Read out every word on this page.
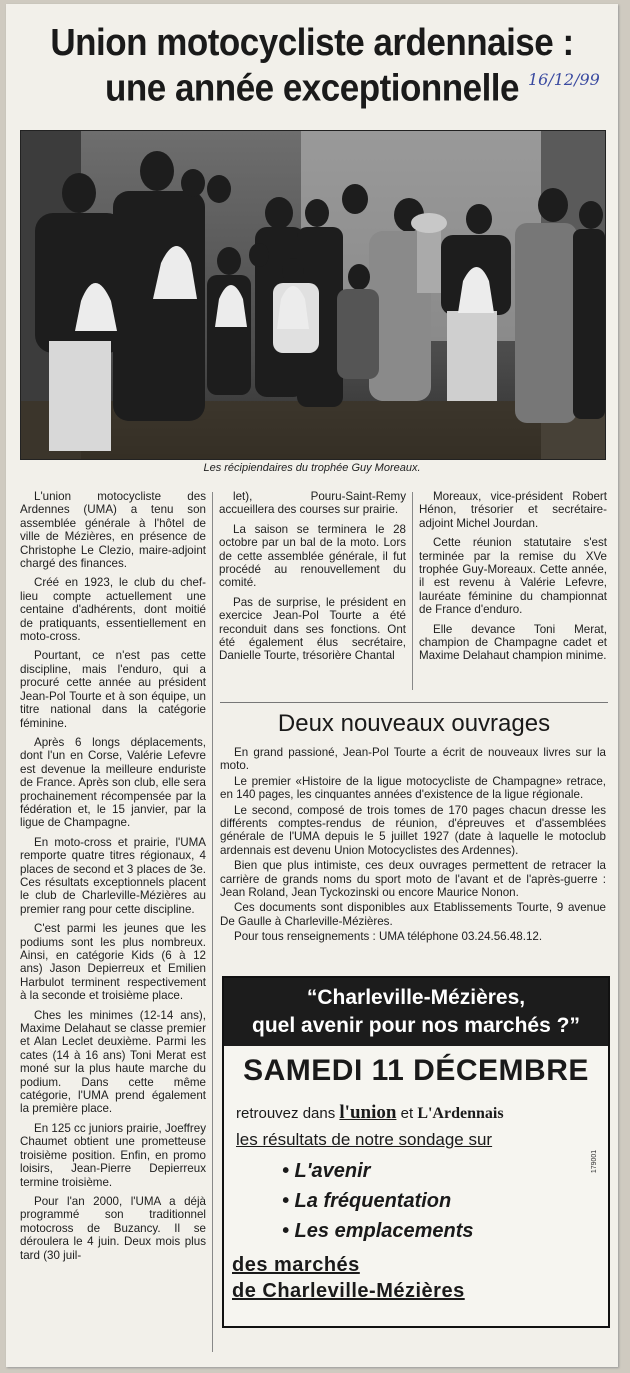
Union motocycliste ardennaise :
une année exceptionnelle 16/12/99
Les récipiendaires du trophée Guy Moreaux.

L'union motocycliste des Ardennes (UMA) a tenu son assemblée générale à l'hôtel de ville de Mézières, en présence de Christophe Le Clezio, maire-adjoint chargé des finances.

Créé en 1923, le club du chef-lieu compte actuellement une centaine d'adhérents, dont moitié de pratiquants, essentiellement en moto-cross.

Pourtant, ce n'est pas cette discipline, mais l'enduro, qui a procuré cette année au président Jean-Pol Tourte et à son équipe, un titre national dans la catégorie féminine.

Après 6 longs déplacements, dont l'un en Corse, Valérie Lefevre est devenue la meilleure enduriste de France. Après son club, elle sera prochainement récompensée par la fédération et, le 15 janvier, par la ligue de Champagne.

En moto-cross et prairie, l'UMA remporte quatre titres régionaux, 4 places de second et 3 places de 3e. Ces résultats exceptionnels placent le club de Charleville-Mézières au premier rang pour cette discipline.

C'est parmi les jeunes que les podiums sont les plus nombreux. Ainsi, en catégorie Kids (6 à 12 ans) Jason Depierreux et Emilien Harbulot terminent respectivement à la seconde et troisième place.

Ches les minimes (12-14 ans), Maxime Delahaut se classe premier et Alan Leclet deuxième. Parmi les cates (14 à 16 ans) Toni Merat est moné sur la plus haute marche du podium. Dans cette même catégorie, l'UMA prend également la première place.

En 125 cc juniors prairie, Joeffrey Chaumet obtient une prometteuse troisième position. Enfin, en promo loisirs, Jean-Pierre Depierreux termine troisième.

Pour l'an 2000, l'UMA a déjà programmé son traditionnel motocross de Buzancy. Il se déroulera le 4 juin. Deux mois plus tard (30 juil-

let), Pouru-Saint-Remy accueillera des courses sur prairie.

La saison se terminera le 28 octobre par un bal de la moto. Lors de cette assemblée générale, il fut procédé au renouvellement du comité.

Pas de surprise, le président en exercice Jean-Pol Tourte a été reconduit dans ses fonctions. Ont été également élus secrétaire, Danielle Tourte, trésorière Chantal

Moreaux, vice-président Robert Hénon, trésorier et secrétaire-adjoint Michel Jourdan.

Cette réunion statutaire s'est terminée par la remise du XVe trophée Guy-Moreaux. Cette année, il est revenu à Valérie Lefevre, lauréate féminine du championnat de France d'enduro.

Elle devance Toni Merat, champion de Champagne cadet et Maxime Delahaut champion minime.

Deux nouveaux ouvrages

En grand passioné, Jean-Pol Tourte a écrit de nouveaux livres sur la moto.

Le premier «Histoire de la ligue motocycliste de Champagne» retrace, en 140 pages, les cinquantes années d'existence de la ligue régionale.

Le second, composé de trois tomes de 170 pages chacun dresse les différents comptes-rendus de réunion, d'épreuves et d'assemblées générale de l'UMA depuis le 5 juillet 1927 (date à laquelle le motoclub ardennais est devenu Union Motocyclistes des Ardennes).

Bien que plus intimiste, ces deux ouvrages permettent de retracer la carrière de grands noms du sport moto de l'avant et de l'après-guerre : Jean Roland, Jean Tyckozinski ou encore Maurice Nonon.

Ces documents sont disponibles aux Etablissements Tourte, 9 avenue De Gaulle à Charleville-Mézières.

Pour tous renseignements : UMA téléphone 03.24.56.48.12.

“Charleville-Mézières,
quel avenir pour nos marchés ?”
SAMEDI 11 DÉCEMBRE
retrouvez dans l'union et L'Ardennais
les résultats de notre sondage sur
• L'avenir
• La fréquentation
• Les emplacements
179001
des marchés
de Charleville-Mézières
